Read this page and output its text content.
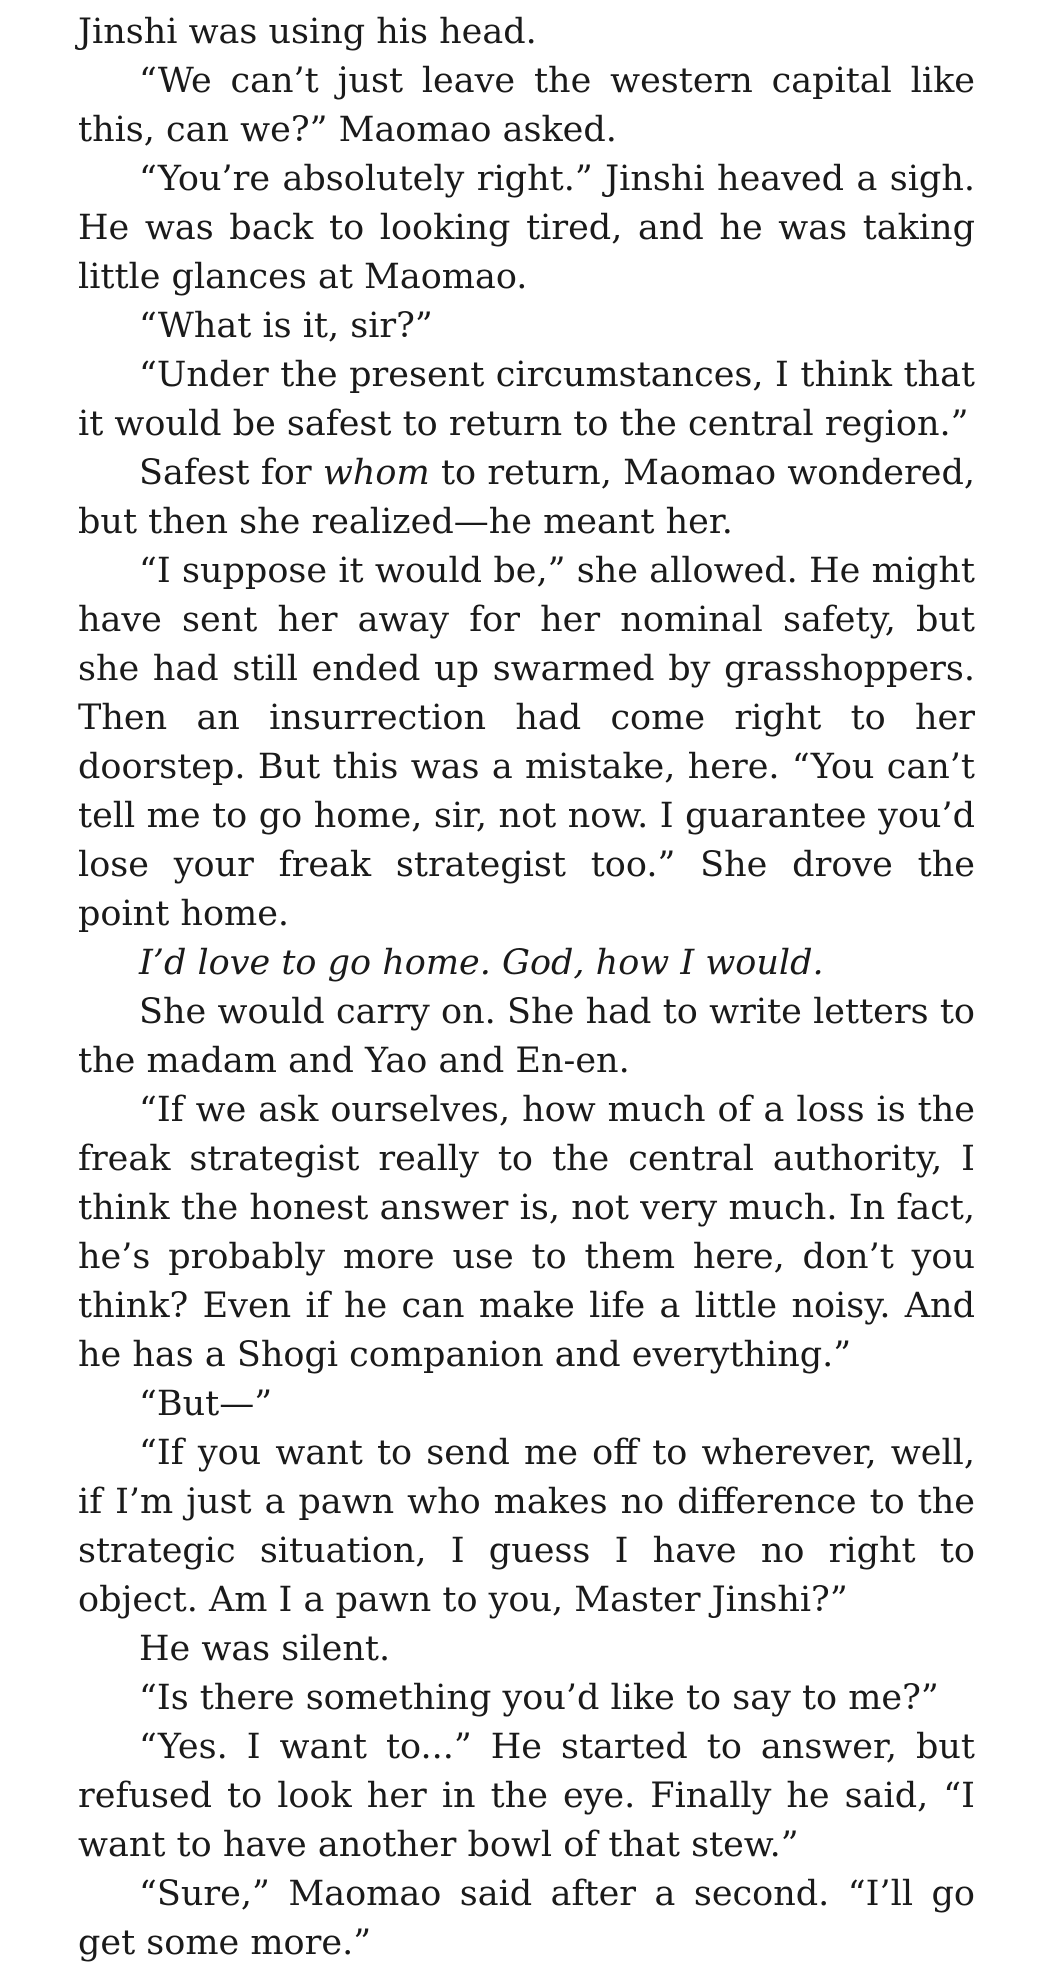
Jinshi was using his head.

“We can’t just leave the western capital like this, can we?” Maomao asked.

“You’re absolutely right.” Jinshi heaved a sigh. He was back to looking tired, and he was taking little glances at Maomao.

“What is it, sir?”

“Under the present circumstances, I think that it would be safest to return to the central region.”

Safest for whom to return, Maomao wondered, but then she realized—he meant her.

“I suppose it would be,” she allowed. He might have sent her away for her nominal safety, but she had still ended up swarmed by grasshoppers. Then an insurrection had come right to her doorstep. But this was a mistake, here. “You can’t tell me to go home, sir, not now. I guarantee you’d lose your freak strategist too.” She drove the point home.

I’d love to go home. God, how I would.

She would carry on. She had to write letters to the madam and Yao and En-en.

“If we ask ourselves, how much of a loss is the freak strategist really to the central authority, I think the honest answer is, not very much. In fact, he’s probably more use to them here, don’t you think? Even if he can make life a little noisy. And he has a Shogi companion and everything.”

“But—”

“If you want to send me off to wherever, well, if I’m just a pawn who makes no difference to the strategic situation, I guess I have no right to object. Am I a pawn to you, Master Jinshi?”

He was silent.

“Is there something you’d like to say to me?”

“Yes. I want to...” He started to answer, but refused to look her in the eye. Finally he said, “I want to have another bowl of that stew.”

“Sure,” Maomao said after a second. “I’ll go get some more.”
